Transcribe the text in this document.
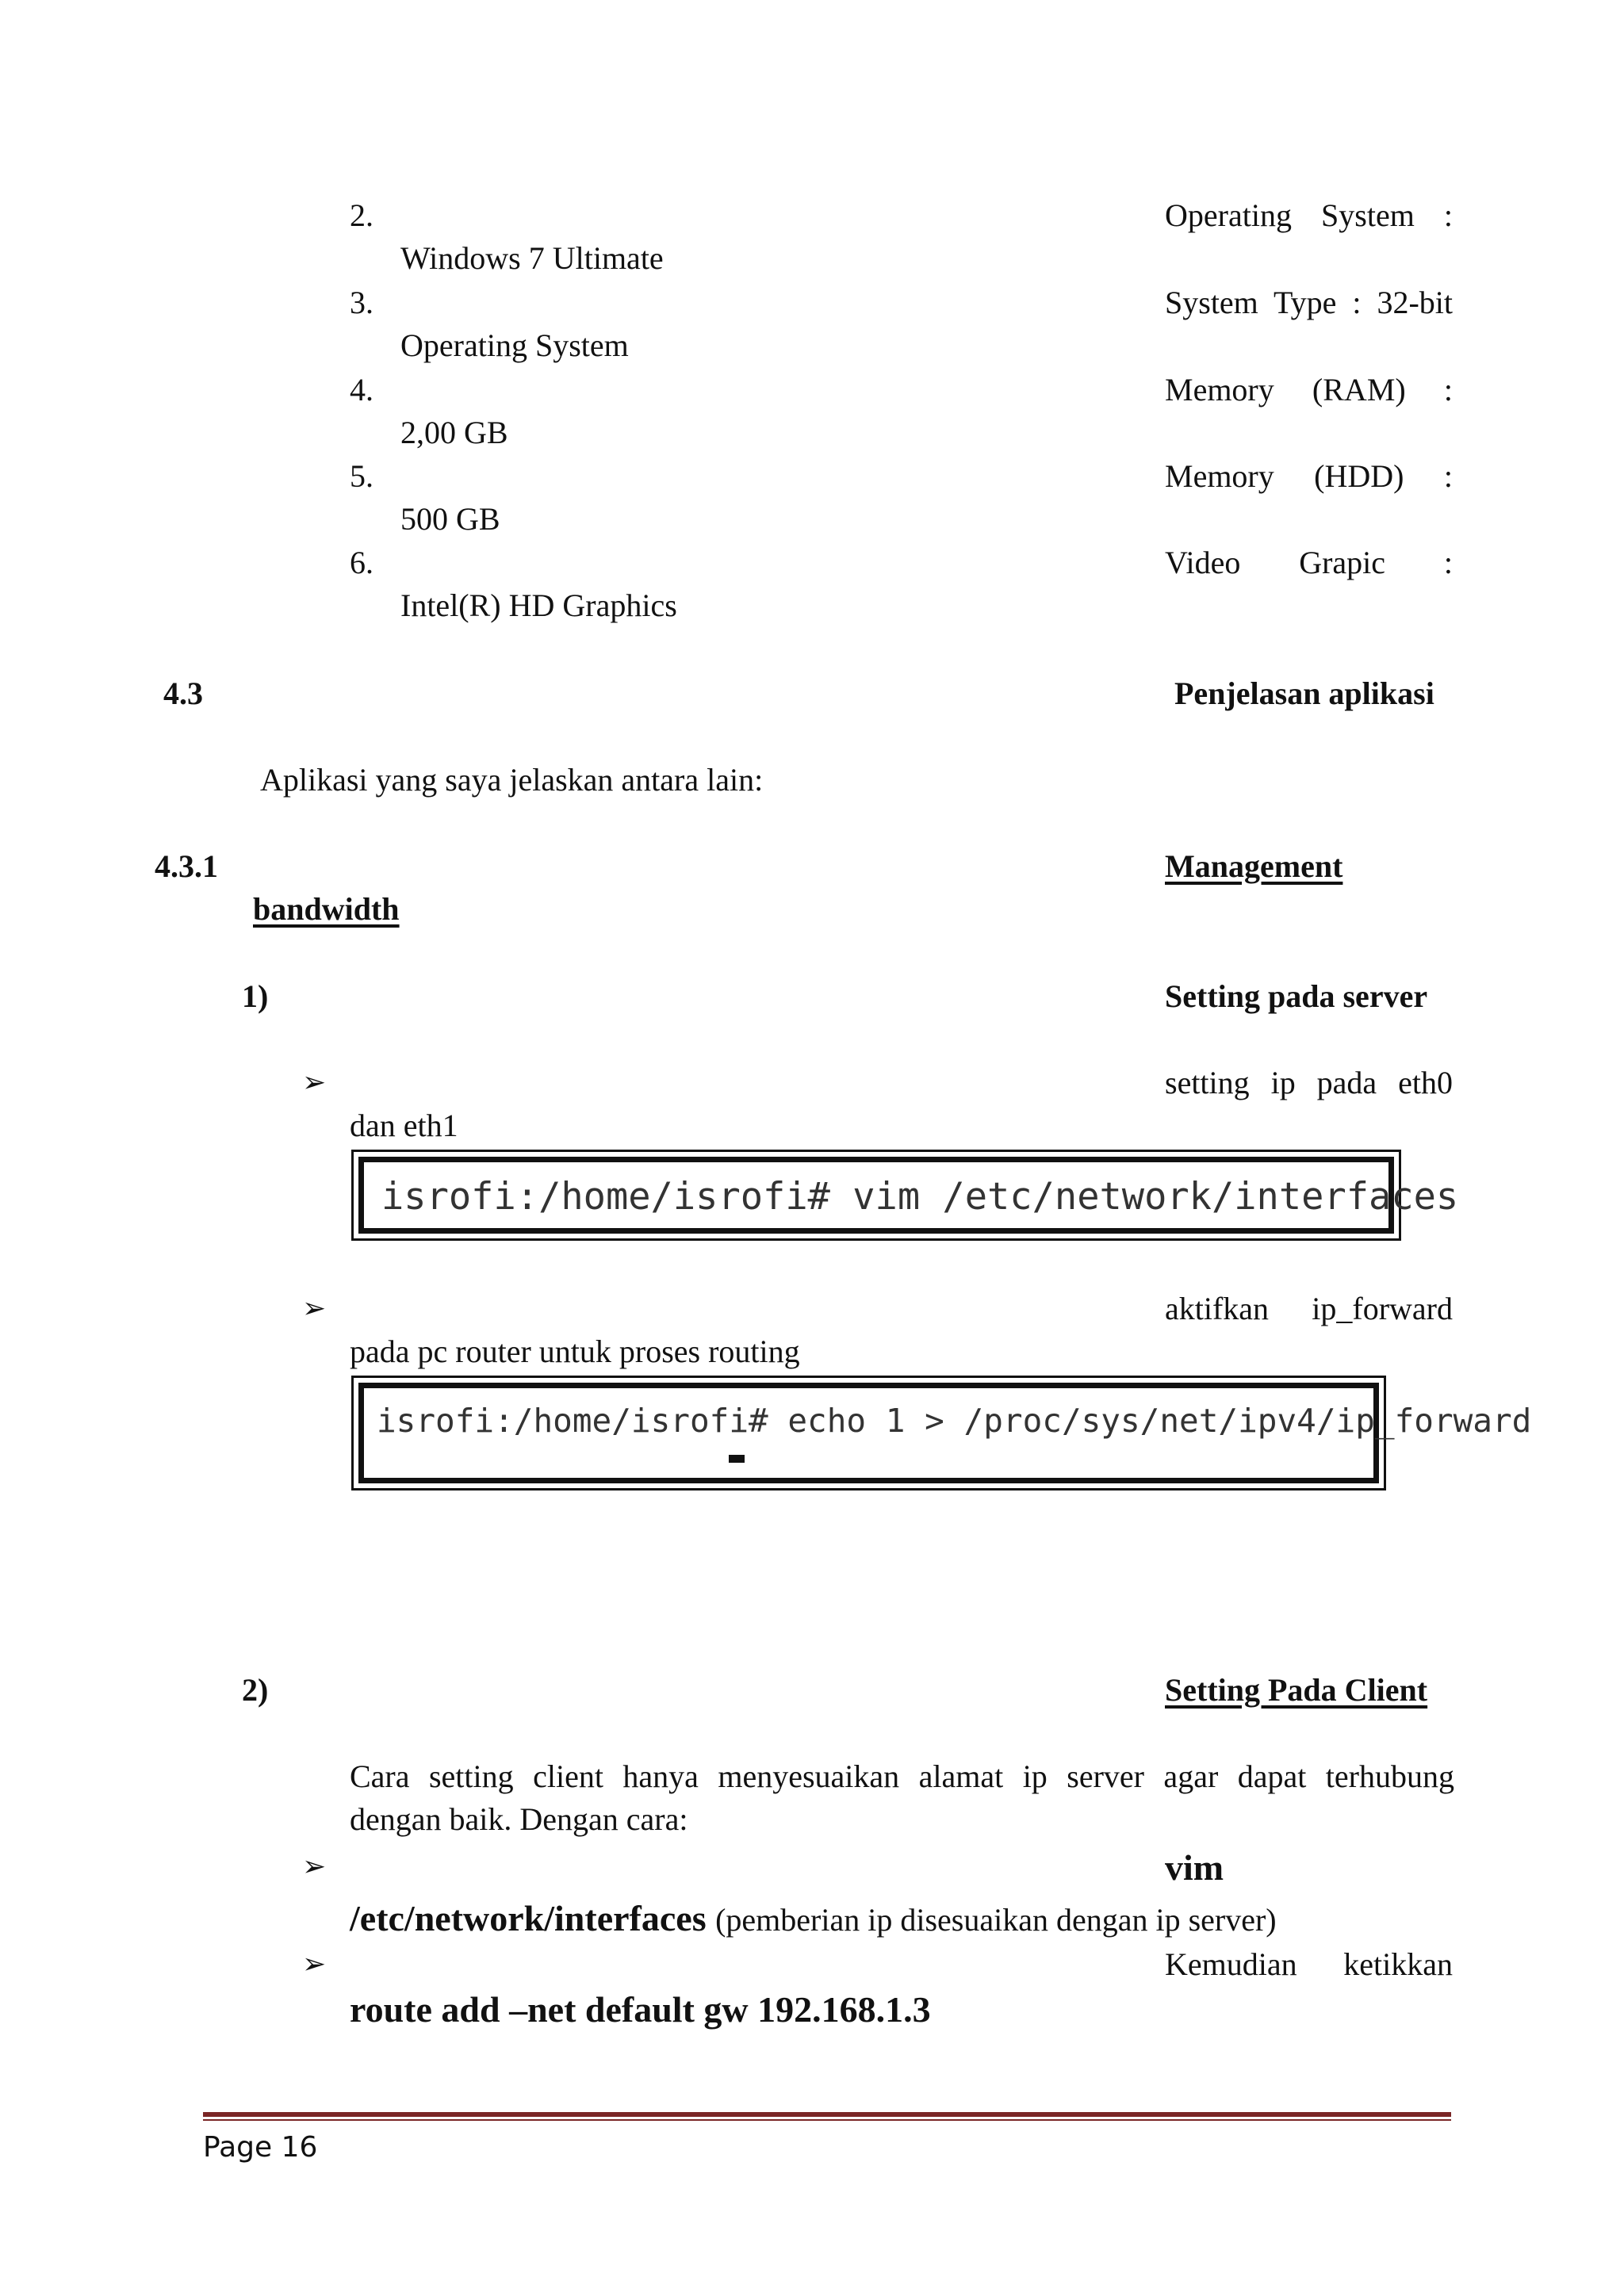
2.	Operating System :
Windows 7 Ultimate
3.	System Type : 32-bit
Operating System
4.	Memory (RAM) :
2,00 GB
5.	Memory (HDD) :
500 GB
6.	Video Grapic :
Intel(R) HD Graphics
4.3	Penjelasan aplikasi
Aplikasi yang saya jelaskan antara lain:
4.3.1	Management
bandwidth
1)	Setting pada server
➢	setting ip pada eth0
dan eth1
isrofi:/home/isrofi# vim /etc/network/interfaces
➢	aktifkan ip_forward
pada pc router untuk proses routing
isrofi:/home/isrofi# echo 1 > /proc/sys/net/ipv4/ip_forward
2)	Setting Pada Client
Cara setting client hanya menyesuaikan alamat ip server agar dapat terhubung
dengan baik. Dengan cara:
➢	vim
/etc/network/interfaces (pemberian ip disesuaikan dengan ip server)
➢	Kemudian ketikkan
route add –net default gw 192.168.1.3
Page 16
